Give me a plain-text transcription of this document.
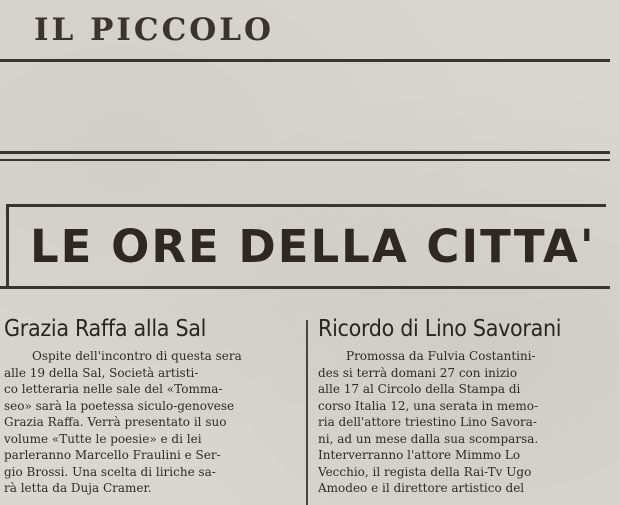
IL PICCOLO
LE ORE DELLA CITTA'
Grazia Raffa alla Sal

Ospite dell'incontro di questa sera
alle 19 della Sal, Società artisti-
co letteraria nelle sale del «Tomma-
seo» sarà la poetessa siculo-genovese
Grazia Raffa. Verrà presentato il suo
volume «Tutte le poesie» e di lei
parleranno Marcello Fraulini e Ser-
gio Brossi. Una scelta di liriche sa-
rà letta da Duja Cramer.

Ricordo di Lino Savorani

Promossa da Fulvia Costantini-
des si terrà domani 27 con inizio
alle 17 al Circolo della Stampa di
corso Italia 12, una serata in memo-
ria dell'attore triestino Lino Savora-
ni, ad un mese dalla sua scomparsa.
Interverranno l'attore Mimmo Lo
Vecchio, il regista della Rai-Tv Ugo
Amodeo e il direttore artistico del
